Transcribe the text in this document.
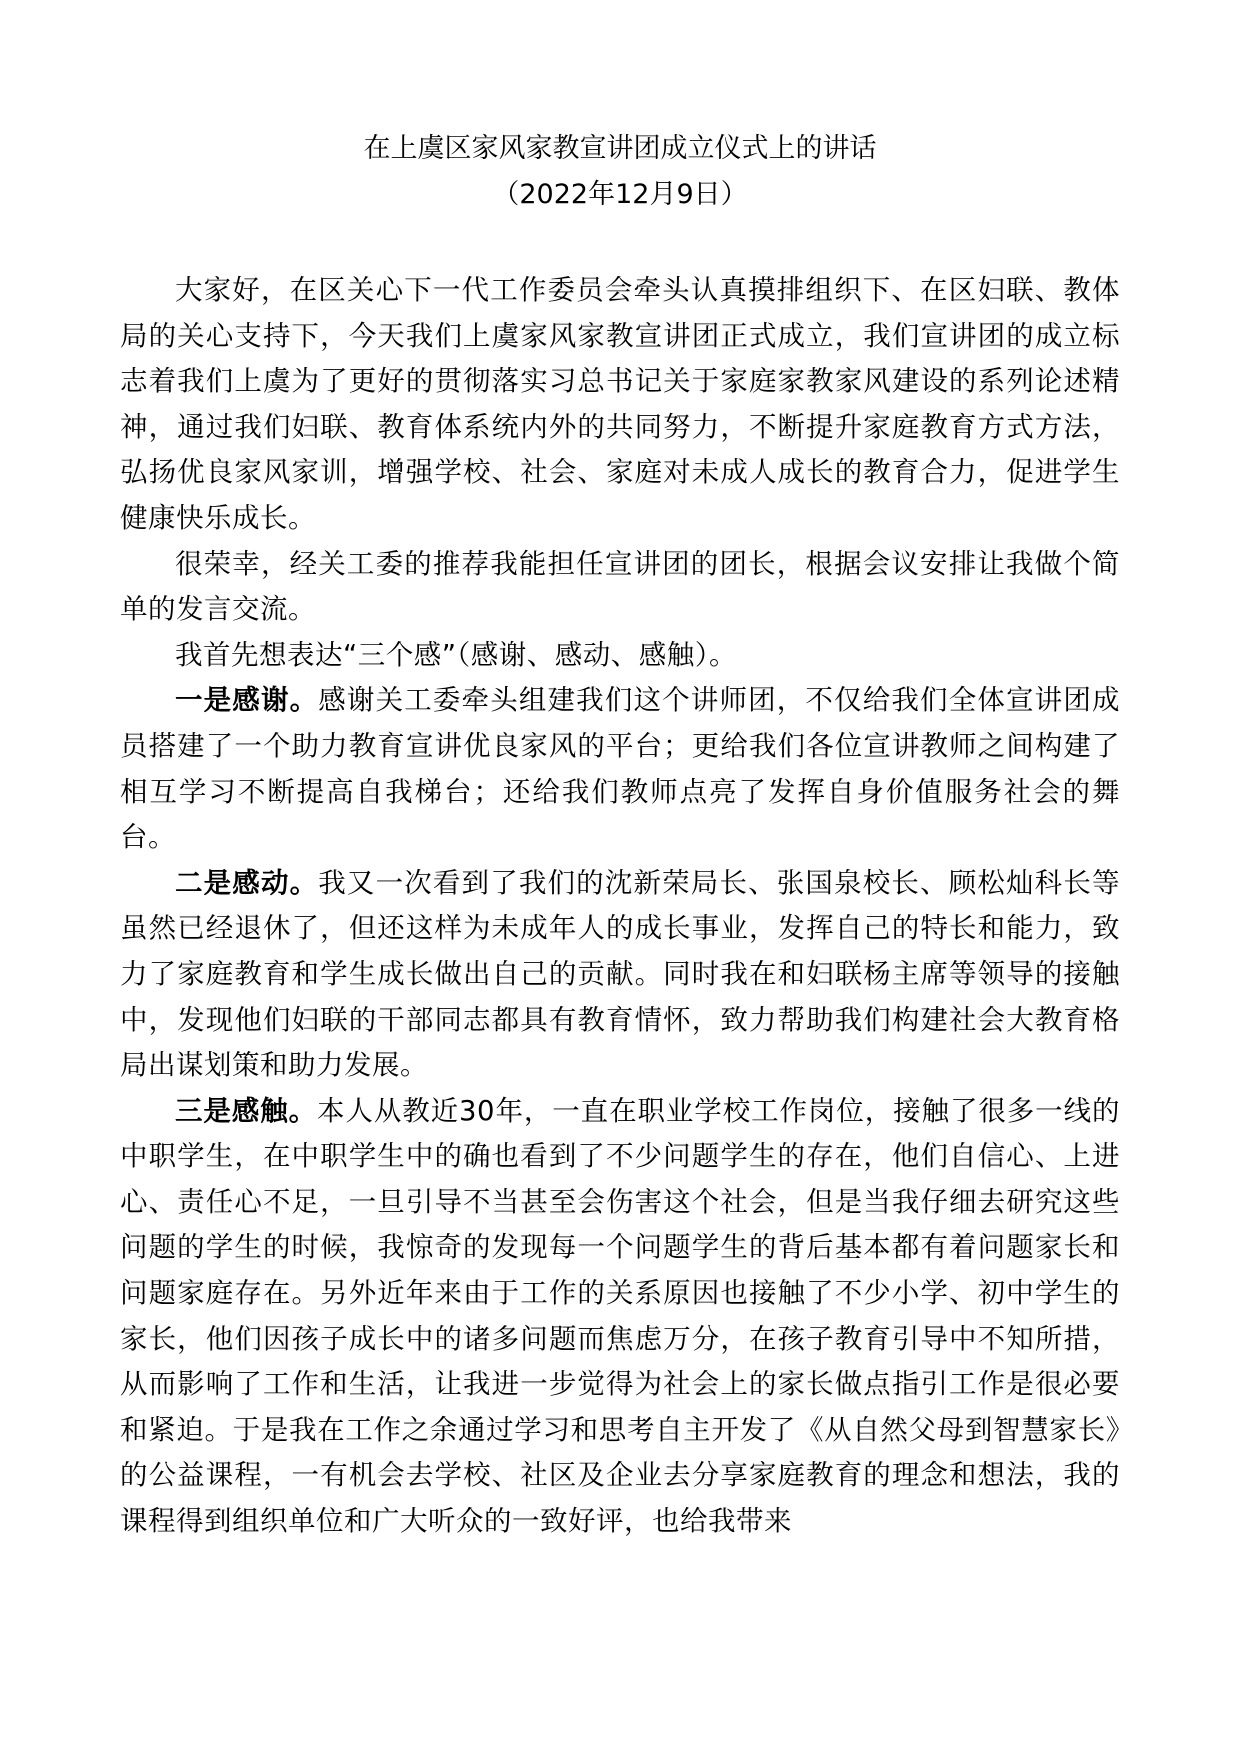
在上虞区家风家教宣讲团成立仪式上的讲话

（2022年12月9日）

大家好，在区关心下一代工作委员会牵头认真摸排组织下、在区妇联、教体局的关心支持下，今天我们上虞家风家教宣讲团正式成立，我们宣讲团的成立标志着我们上虞为了更好的贯彻落实习总书记关于家庭家教家风建设的系列论述精神，通过我们妇联、教育体系统内外的共同努力，不断提升家庭教育方式方法，弘扬优良家风家训，增强学校、社会、家庭对未成人成长的教育合力，促进学生健康快乐成长。

很荣幸，经关工委的推荐我能担任宣讲团的团长，根据会议安排让我做个简单的发言交流。

我首先想表达“三个感”（感谢、感动、感触）。

一是感谢。感谢关工委牵头组建我们这个讲师团，不仅给我们全体宣讲团成员搭建了一个助力教育宣讲优良家风的平台；更给我们各位宣讲教师之间构建了相互学习不断提高自我梯台；还给我们教师点亮了发挥自身价值服务社会的舞台。

二是感动。我又一次看到了我们的沈新荣局长、张国泉校长、顾松灿科长等虽然已经退休了，但还这样为未成年人的成长事业，发挥自己的特长和能力，致力了家庭教育和学生成长做出自己的贡献。同时我在和妇联杨主席等领导的接触中，发现他们妇联的干部同志都具有教育情怀，致力帮助我们构建社会大教育格局出谋划策和助力发展。

三是感触。本人从教近30年，一直在职业学校工作岗位，接触了很多一线的中职学生，在中职学生中的确也看到了不少问题学生的存在，他们自信心、上进心、责任心不足，一旦引导不当甚至会伤害这个社会，但是当我仔细去研究这些问题的学生的时候，我惊奇的发现每一个问题学生的背后基本都有着问题家长和问题家庭存在。另外近年来由于工作的关系原因也接触了不少小学、初中学生的家长，他们因孩子成长中的诸多问题而焦虑万分，在孩子教育引导中不知所措，从而影响了工作和生活，让我进一步觉得为社会上的家长做点指引工作是很必要和紧迫。于是我在工作之余通过学习和思考自主开发了《从自然父母到智慧家长》的公益课程，一有机会去学校、社区及企业去分享家庭教育的理念和想法，我的课程得到组织单位和广大听众的一致好评，也给我带来
